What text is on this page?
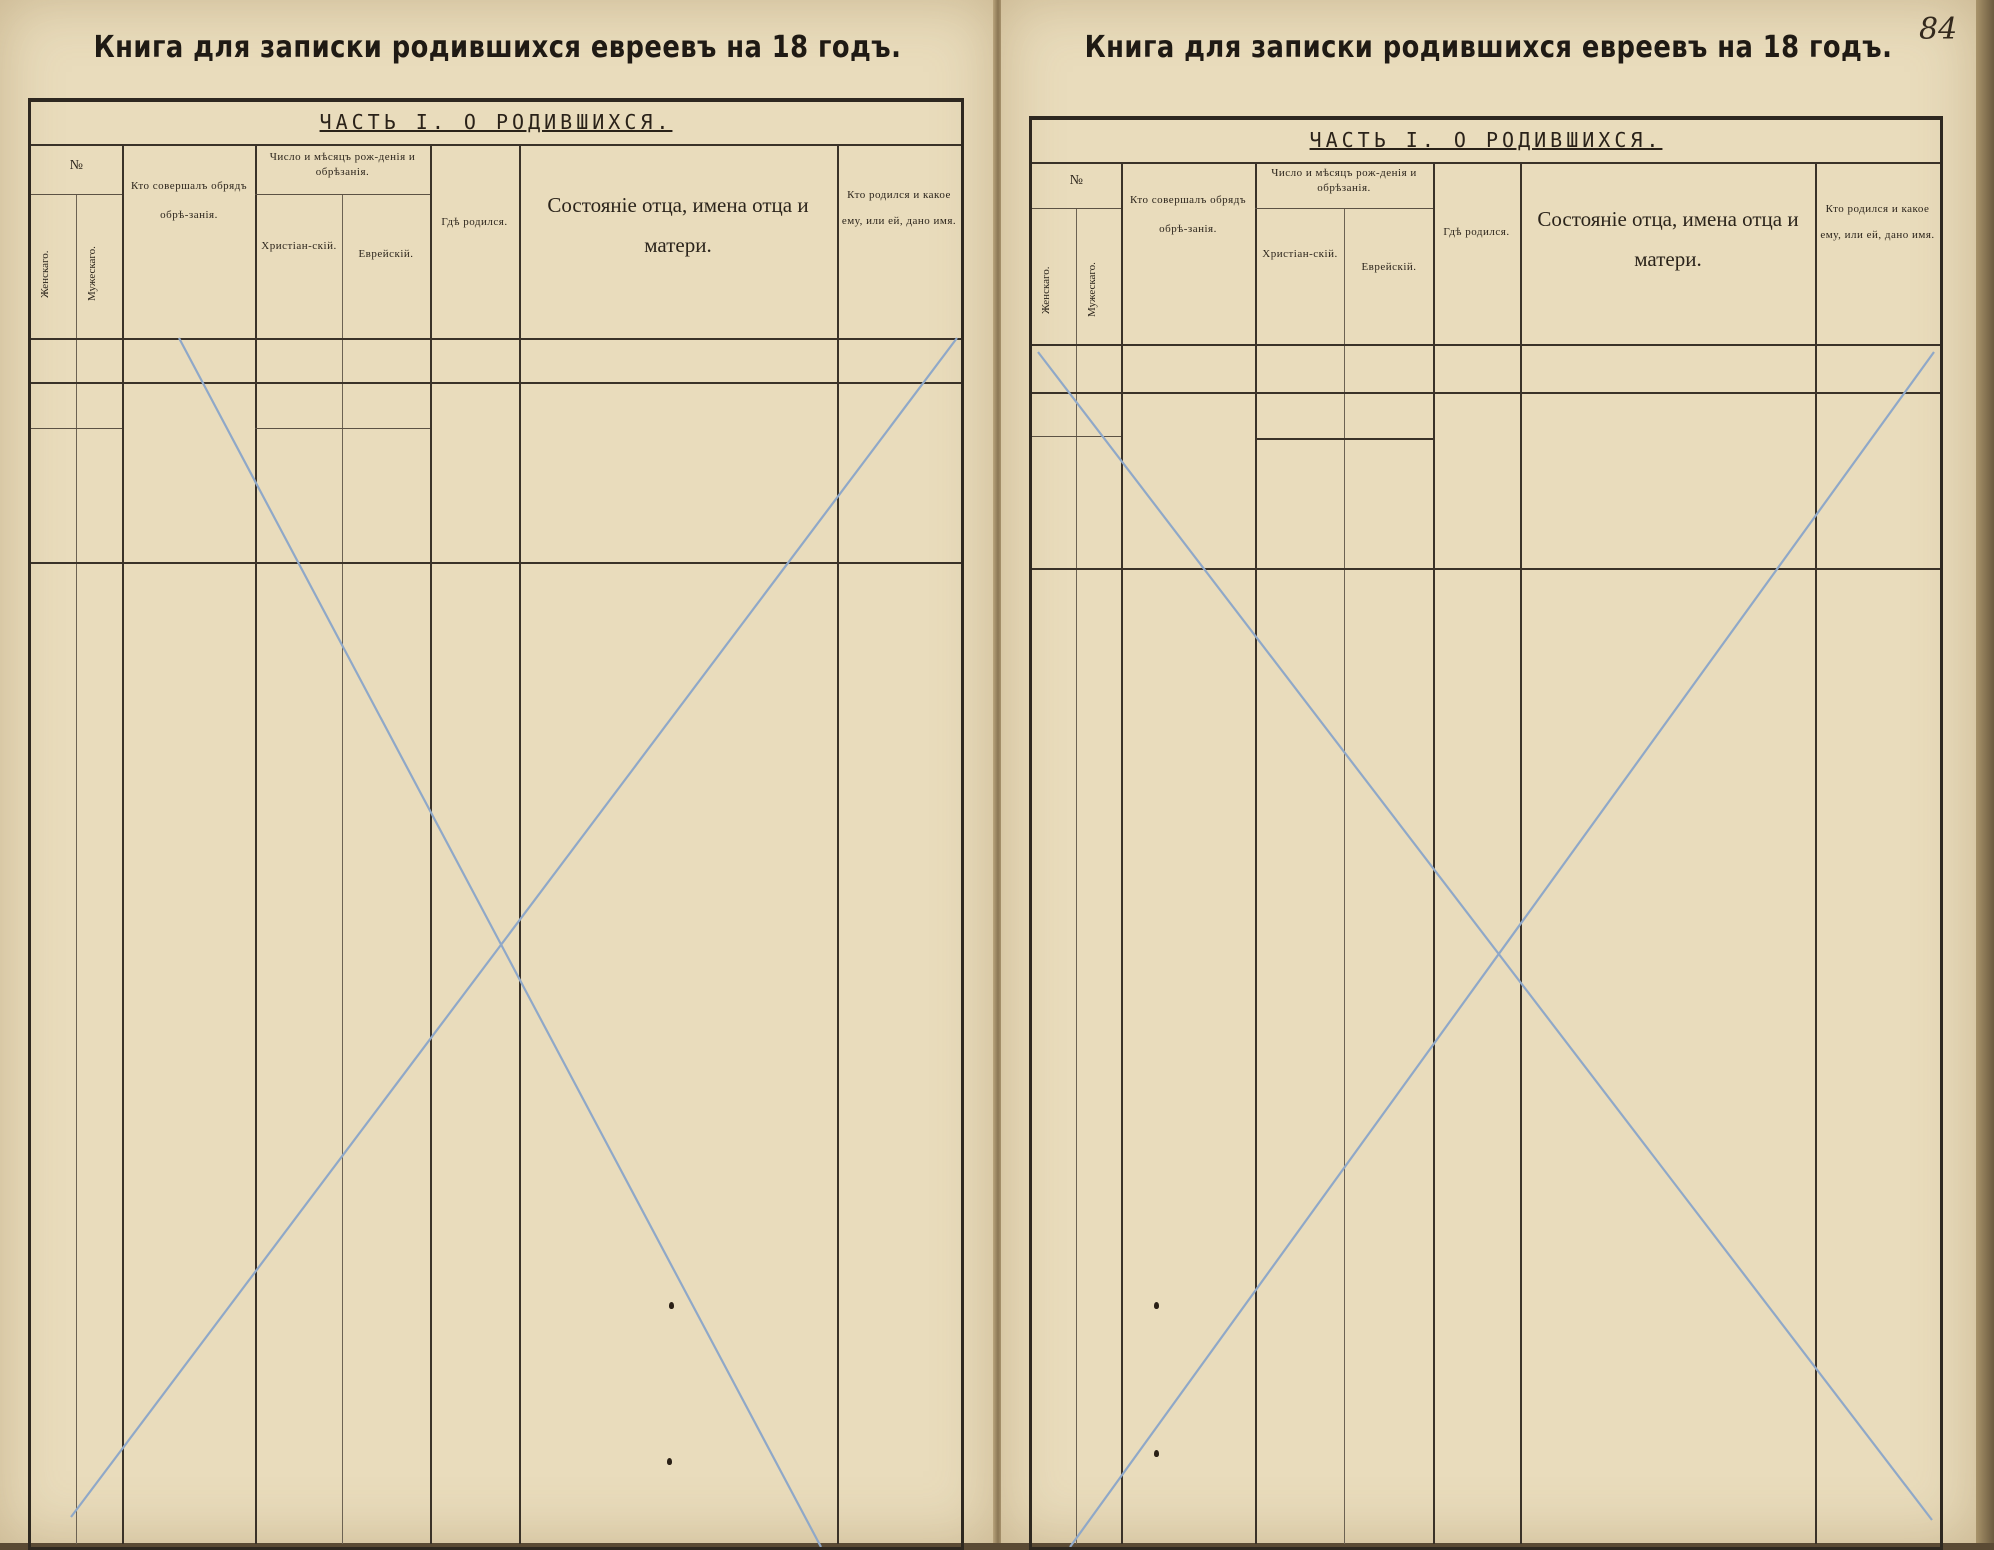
Книга для записки родившихся евреевъ на 18 годъ.
ЧАСТЬ I. О РОДИВШИХСЯ.
№
Женскаго.	Мужескаго.
Кто совершалъ обрядъ обрѣ-занія.
Число и мѣсяцъ рож-денія и обрѣзанія.
Христіан-скій.
Еврейскій.
Гдѣ родился.
Состояніе отца, имена отца и матери.
Кто родился и какое ему, или ей, дано имя.
Книга для записки родившихся евреевъ на 18 годъ.
84
ЧАСТЬ I. О РОДИВШИХСЯ.
№
Женскаго.	Мужескаго.
Кто совершалъ обрядъ обрѣ-занія.
Число и мѣсяцъ рож-денія и обрѣзанія.
Христіан-скій.
Еврейскій.
Гдѣ родился.
Состояніе отца, имена отца и матери.
Кто родился и какое ему, или ей, дано имя.
